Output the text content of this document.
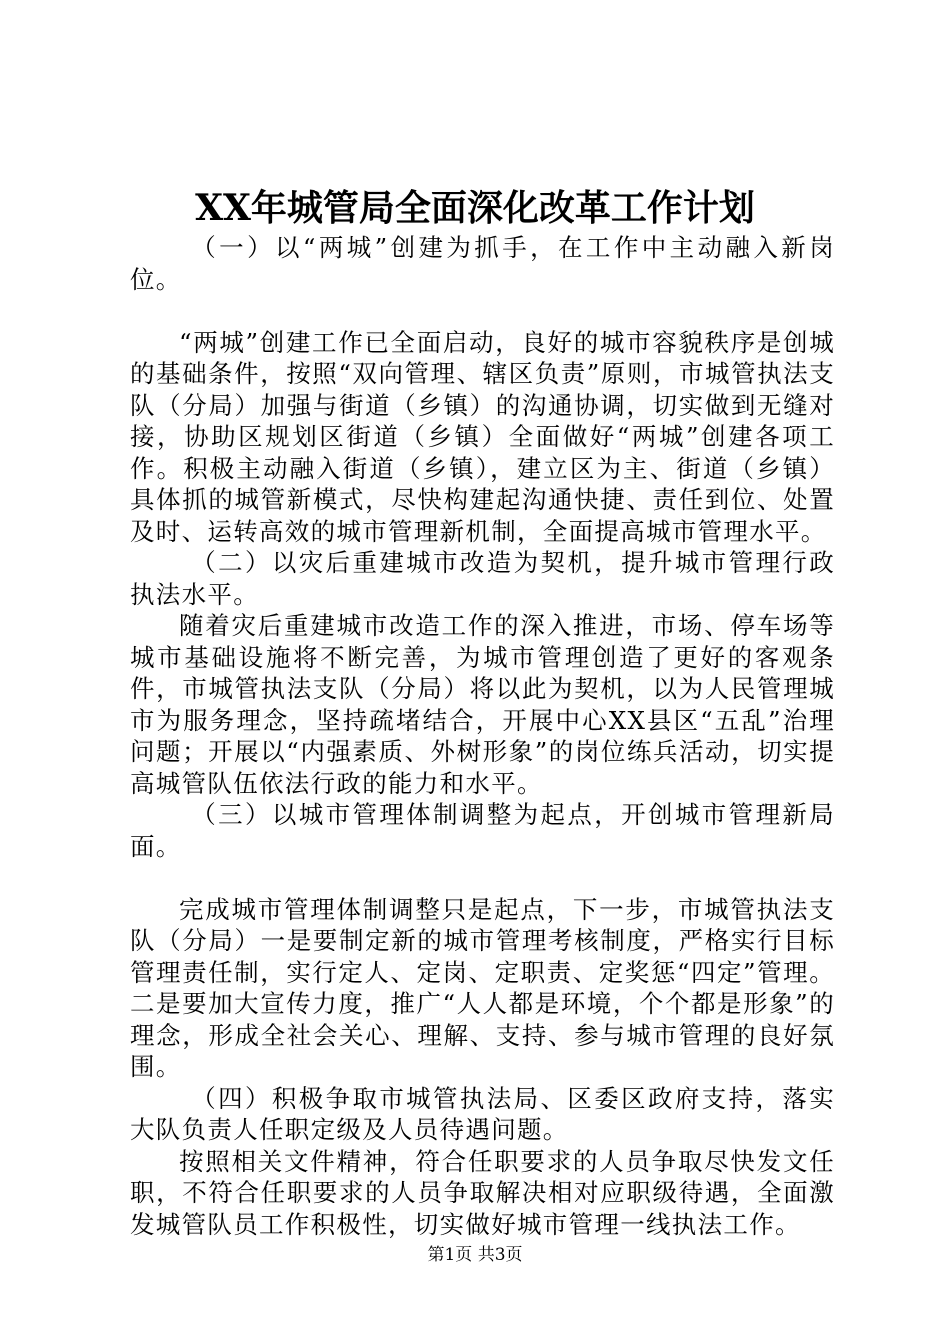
XX年城管局全面深化改革工作计划

（一）以“两城”创建为抓手，在工作中主动融入新岗位。

“两城”创建工作已全面启动，良好的城市容貌秩序是创城的基础条件，按照“双向管理、辖区负责”原则，市城管执法支队（分局）加强与街道（乡镇）的沟通协调，切实做到无缝对接，协助区规划区街道（乡镇）全面做好“两城”创建各项工作。积极主动融入街道（乡镇），建立区为主、街道（乡镇）具体抓的城管新模式，尽快构建起沟通快捷、责任到位、处置及时、运转高效的城市管理新机制，全面提高城市管理水平。

（二）以灾后重建城市改造为契机，提升城市管理行政执法水平。

随着灾后重建城市改造工作的深入推进，市场、停车场等城市基础设施将不断完善，为城市管理创造了更好的客观条件，市城管执法支队（分局）将以此为契机，以为人民管理城市为服务理念，坚持疏堵结合，开展中心XX县区“五乱”治理问题；开展以“内强素质、外树形象”的岗位练兵活动，切实提高城管队伍依法行政的能力和水平。

（三）以城市管理体制调整为起点，开创城市管理新局面。

完成城市管理体制调整只是起点，下一步，市城管执法支队（分局）一是要制定新的城市管理考核制度，严格实行目标管理责任制，实行定人、定岗、定职责、定奖惩“四定”管理。二是要加大宣传力度，推广“人人都是环境，个个都是形象”的理念，形成全社会关心、理解、支持、参与城市管理的良好氛围。

（四）积极争取市城管执法局、区委区政府支持，落实大队负责人任职定级及人员待遇问题。

按照相关文件精神，符合任职要求的人员争取尽快发文任职，不符合任职要求的人员争取解决相对应职级待遇，全面激发城管队员工作积极性，切实做好城市管理一线执法工作。

第1页 共3页
